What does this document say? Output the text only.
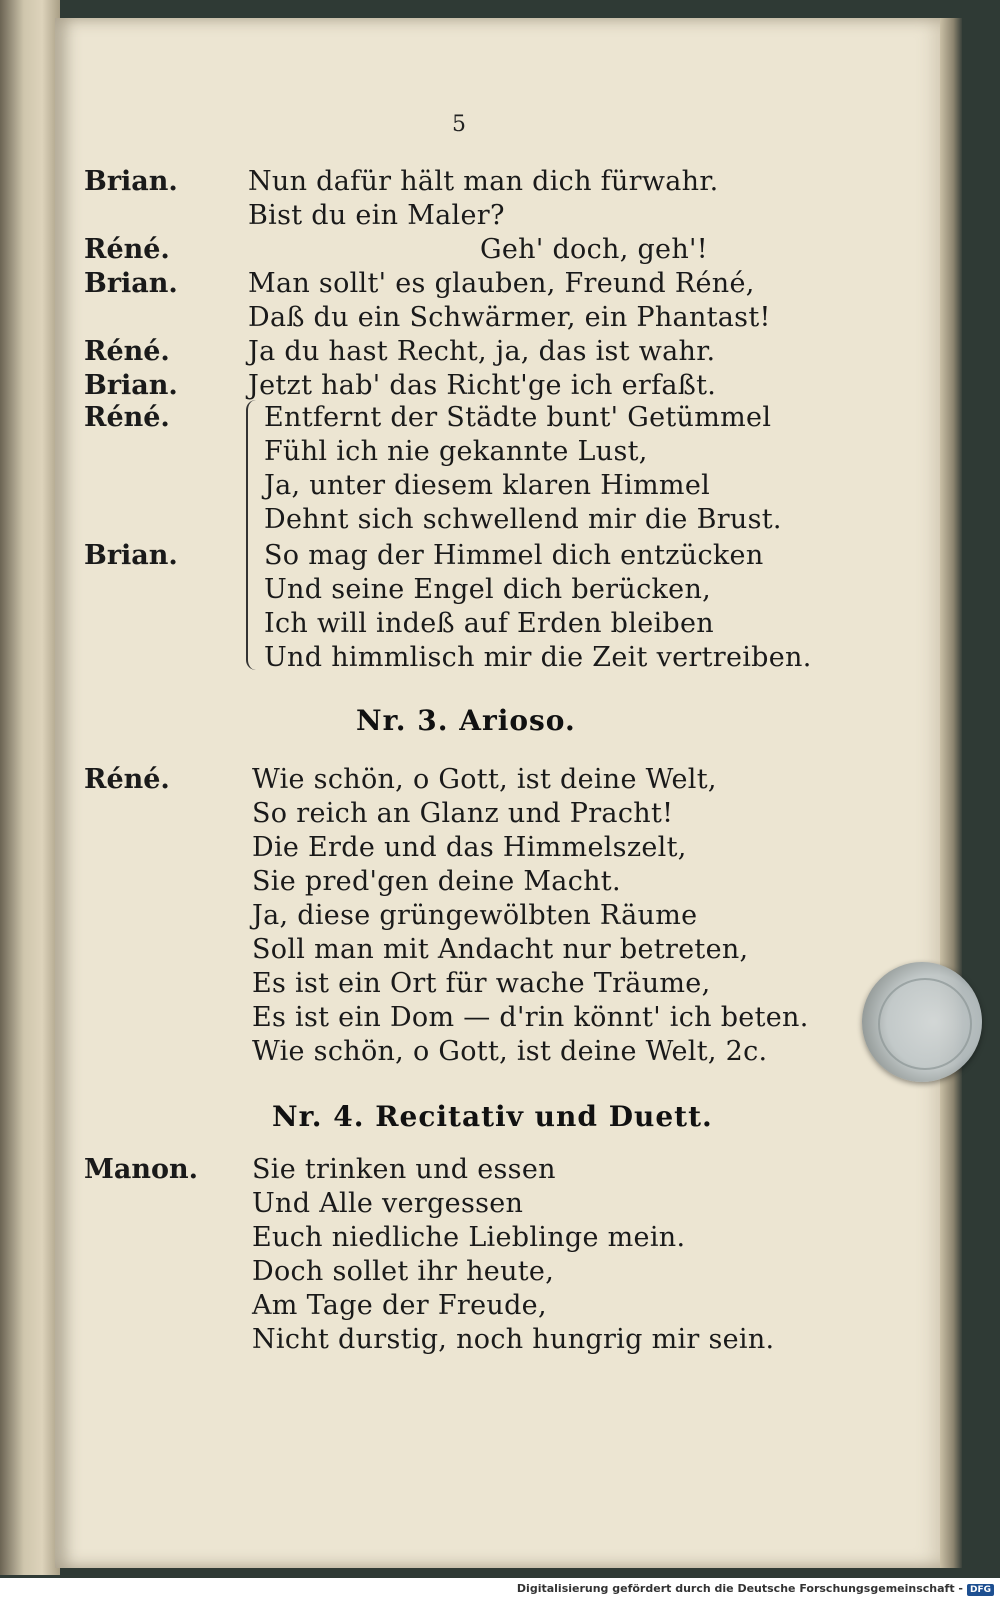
5
Brian.
Réné.
Brian.
Réné.
Brian.
Réné.
Brian.
Réné.
Manon.
Nun dafür hält man dich fürwahr.
Bist du ein Maler?
Geh' doch, geh'!
Man sollt' es glauben, Freund Réné,
Daß du ein Schwärmer, ein Phantast!
Ja du hast Recht, ja, das ist wahr.
Jetzt hab' das Richt'ge ich erfaßt.
Entfernt der Städte bunt' Getümmel
Fühl ich nie gekannte Lust,
Ja, unter diesem klaren Himmel
Dehnt sich schwellend mir die Brust.
So mag der Himmel dich entzücken
Und seine Engel dich berücken,
Ich will indeß auf Erden bleiben
Und himmlisch mir die Zeit vertreiben.
Nr. 3. Arioso.
Wie schön, o Gott, ist deine Welt,
So reich an Glanz und Pracht!
Die Erde und das Himmelszelt,
Sie pred'gen deine Macht.
Ja, diese grüngewölbten Räume
Soll man mit Andacht nur betreten,
Es ist ein Ort für wache Träume,
Es ist ein Dom — d'rin könnt' ich beten.
Wie schön, o Gott, ist deine Welt, 2c.
Nr. 4. Recitativ und Duett.
Sie trinken und essen
Und Alle vergessen
Euch niedliche Lieblinge mein.
Doch sollet ihr heute,
Am Tage der Freude,
Nicht durstig, noch hungrig mir sein.
Digitalisierung gefördert durch die Deutsche Forschungsgemeinschaft - DFG
